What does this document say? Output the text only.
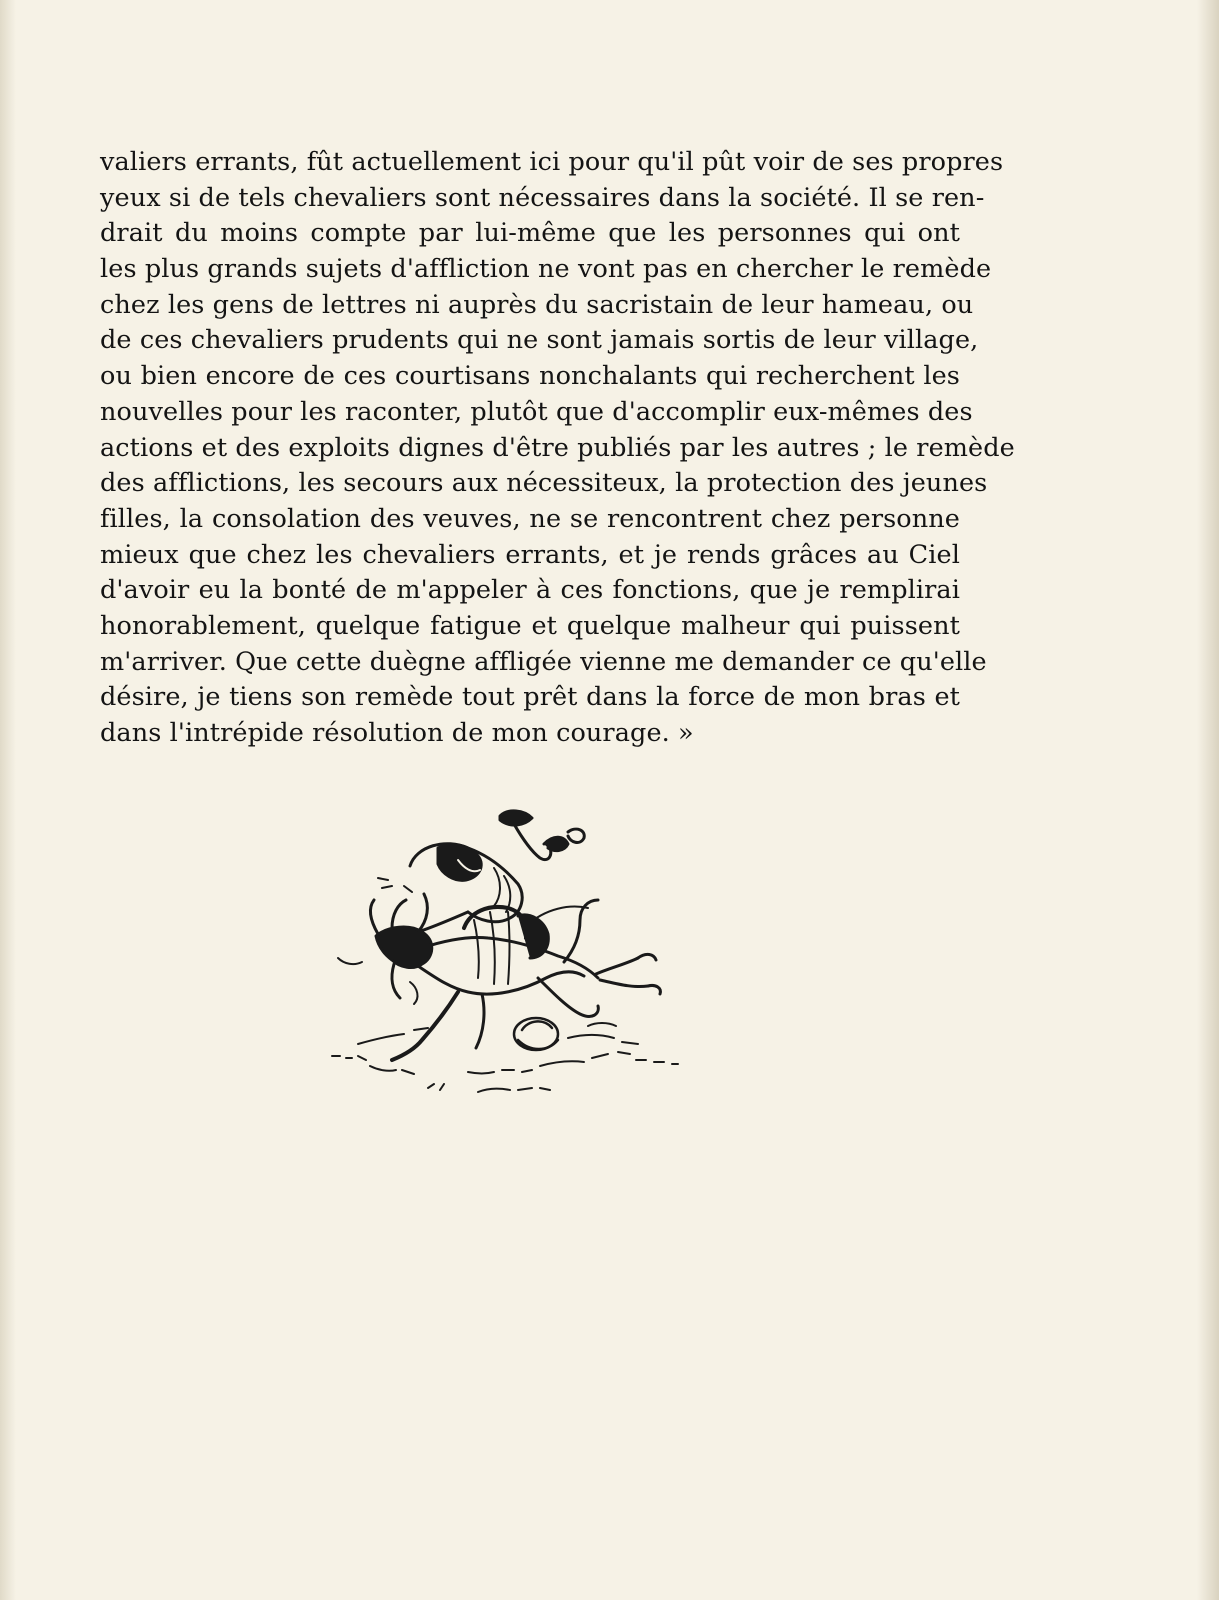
valiers errants, fût actuellement ici pour qu'il pût voir de ses propres
yeux si de tels chevaliers sont nécessaires dans la société. Il se ren-
drait du moins compte par lui-même que les personnes qui ont
les plus grands sujets d'affliction ne vont pas en chercher le remède
chez les gens de lettres ni auprès du sacristain de leur hameau, ou
de ces chevaliers prudents qui ne sont jamais sortis de leur village,
ou bien encore de ces courtisans nonchalants qui recherchent les
nouvelles pour les raconter, plutôt que d'accomplir eux-mêmes des
actions et des exploits dignes d'être publiés par les autres ; le remède
des afflictions, les secours aux nécessiteux, la protection des jeunes
filles, la consolation des veuves, ne se rencontrent chez personne
mieux que chez les chevaliers errants, et je rends grâces au Ciel
d'avoir eu la bonté de m'appeler à ces fonctions, que je remplirai
honorablement, quelque fatigue et quelque malheur qui puissent
m'arriver. Que cette duègne affligée vienne me demander ce qu'elle
désire, je tiens son remède tout prêt dans la force de mon bras et
dans l'intrépide résolution de mon courage. »
